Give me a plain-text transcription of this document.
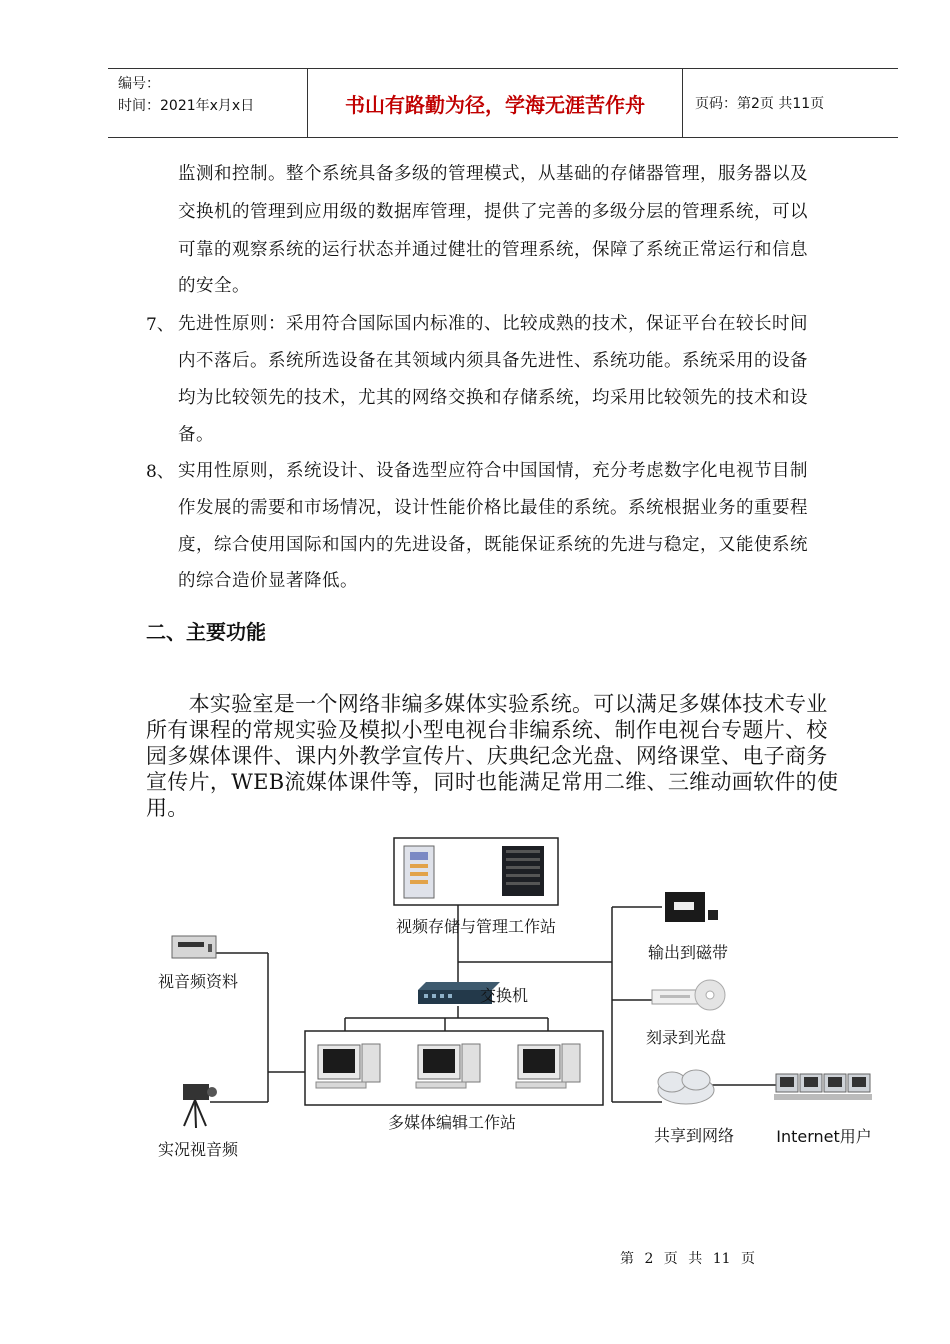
编号：
时间：2021年x月x日	书山有路勤为径，学海无涯苦作舟	页码：第2页 共11页
监测和控制。整个系统具备多级的管理模式，从基础的存储器管理，服务器以及
交换机的管理到应用级的数据库管理，提供了完善的多级分层的管理系统，可以
可靠的观察系统的运行状态并通过健壮的管理系统，保障了系统正常运行和信息
的安全。
7、 先进性原则：采用符合国际国内标准的、比较成熟的技术，保证平台在较长时间
内不落后。系统所选设备在其领域内须具备先进性、系统功能。系统采用的设备
均为比较领先的技术，尤其的网络交换和存储系统，均采用比较领先的技术和设
备。
8、 实用性原则，系统设计、设备选型应符合中国国情，充分考虑数字化电视节目制
作发展的需要和市场情况，设计性能价格比最佳的系统。系统根据业务的重要程
度，综合使用国际和国内的先进设备，既能保证系统的先进与稳定，又能使系统
的综合造价显著降低。
二、主要功能
　　本实验室是一个网络非编多媒体实验系统。可以满足多媒体技术专业
所有课程的常规实验及模拟小型电视台非编系统、制作电视台专题片、校
园多媒体课件、课内外教学宣传片、庆典纪念光盘、网络课堂、电子商务
宣传片，WEB流媒体课件等，同时也能满足常用二维、三维动画软件的使
用。
视频存储与管理工作站
交换机
多媒体编辑工作站
视音频资料
实况视音频
输出到磁带
刻录到光盘
共享到网络	Internet用户
第 2 页 共 11 页
